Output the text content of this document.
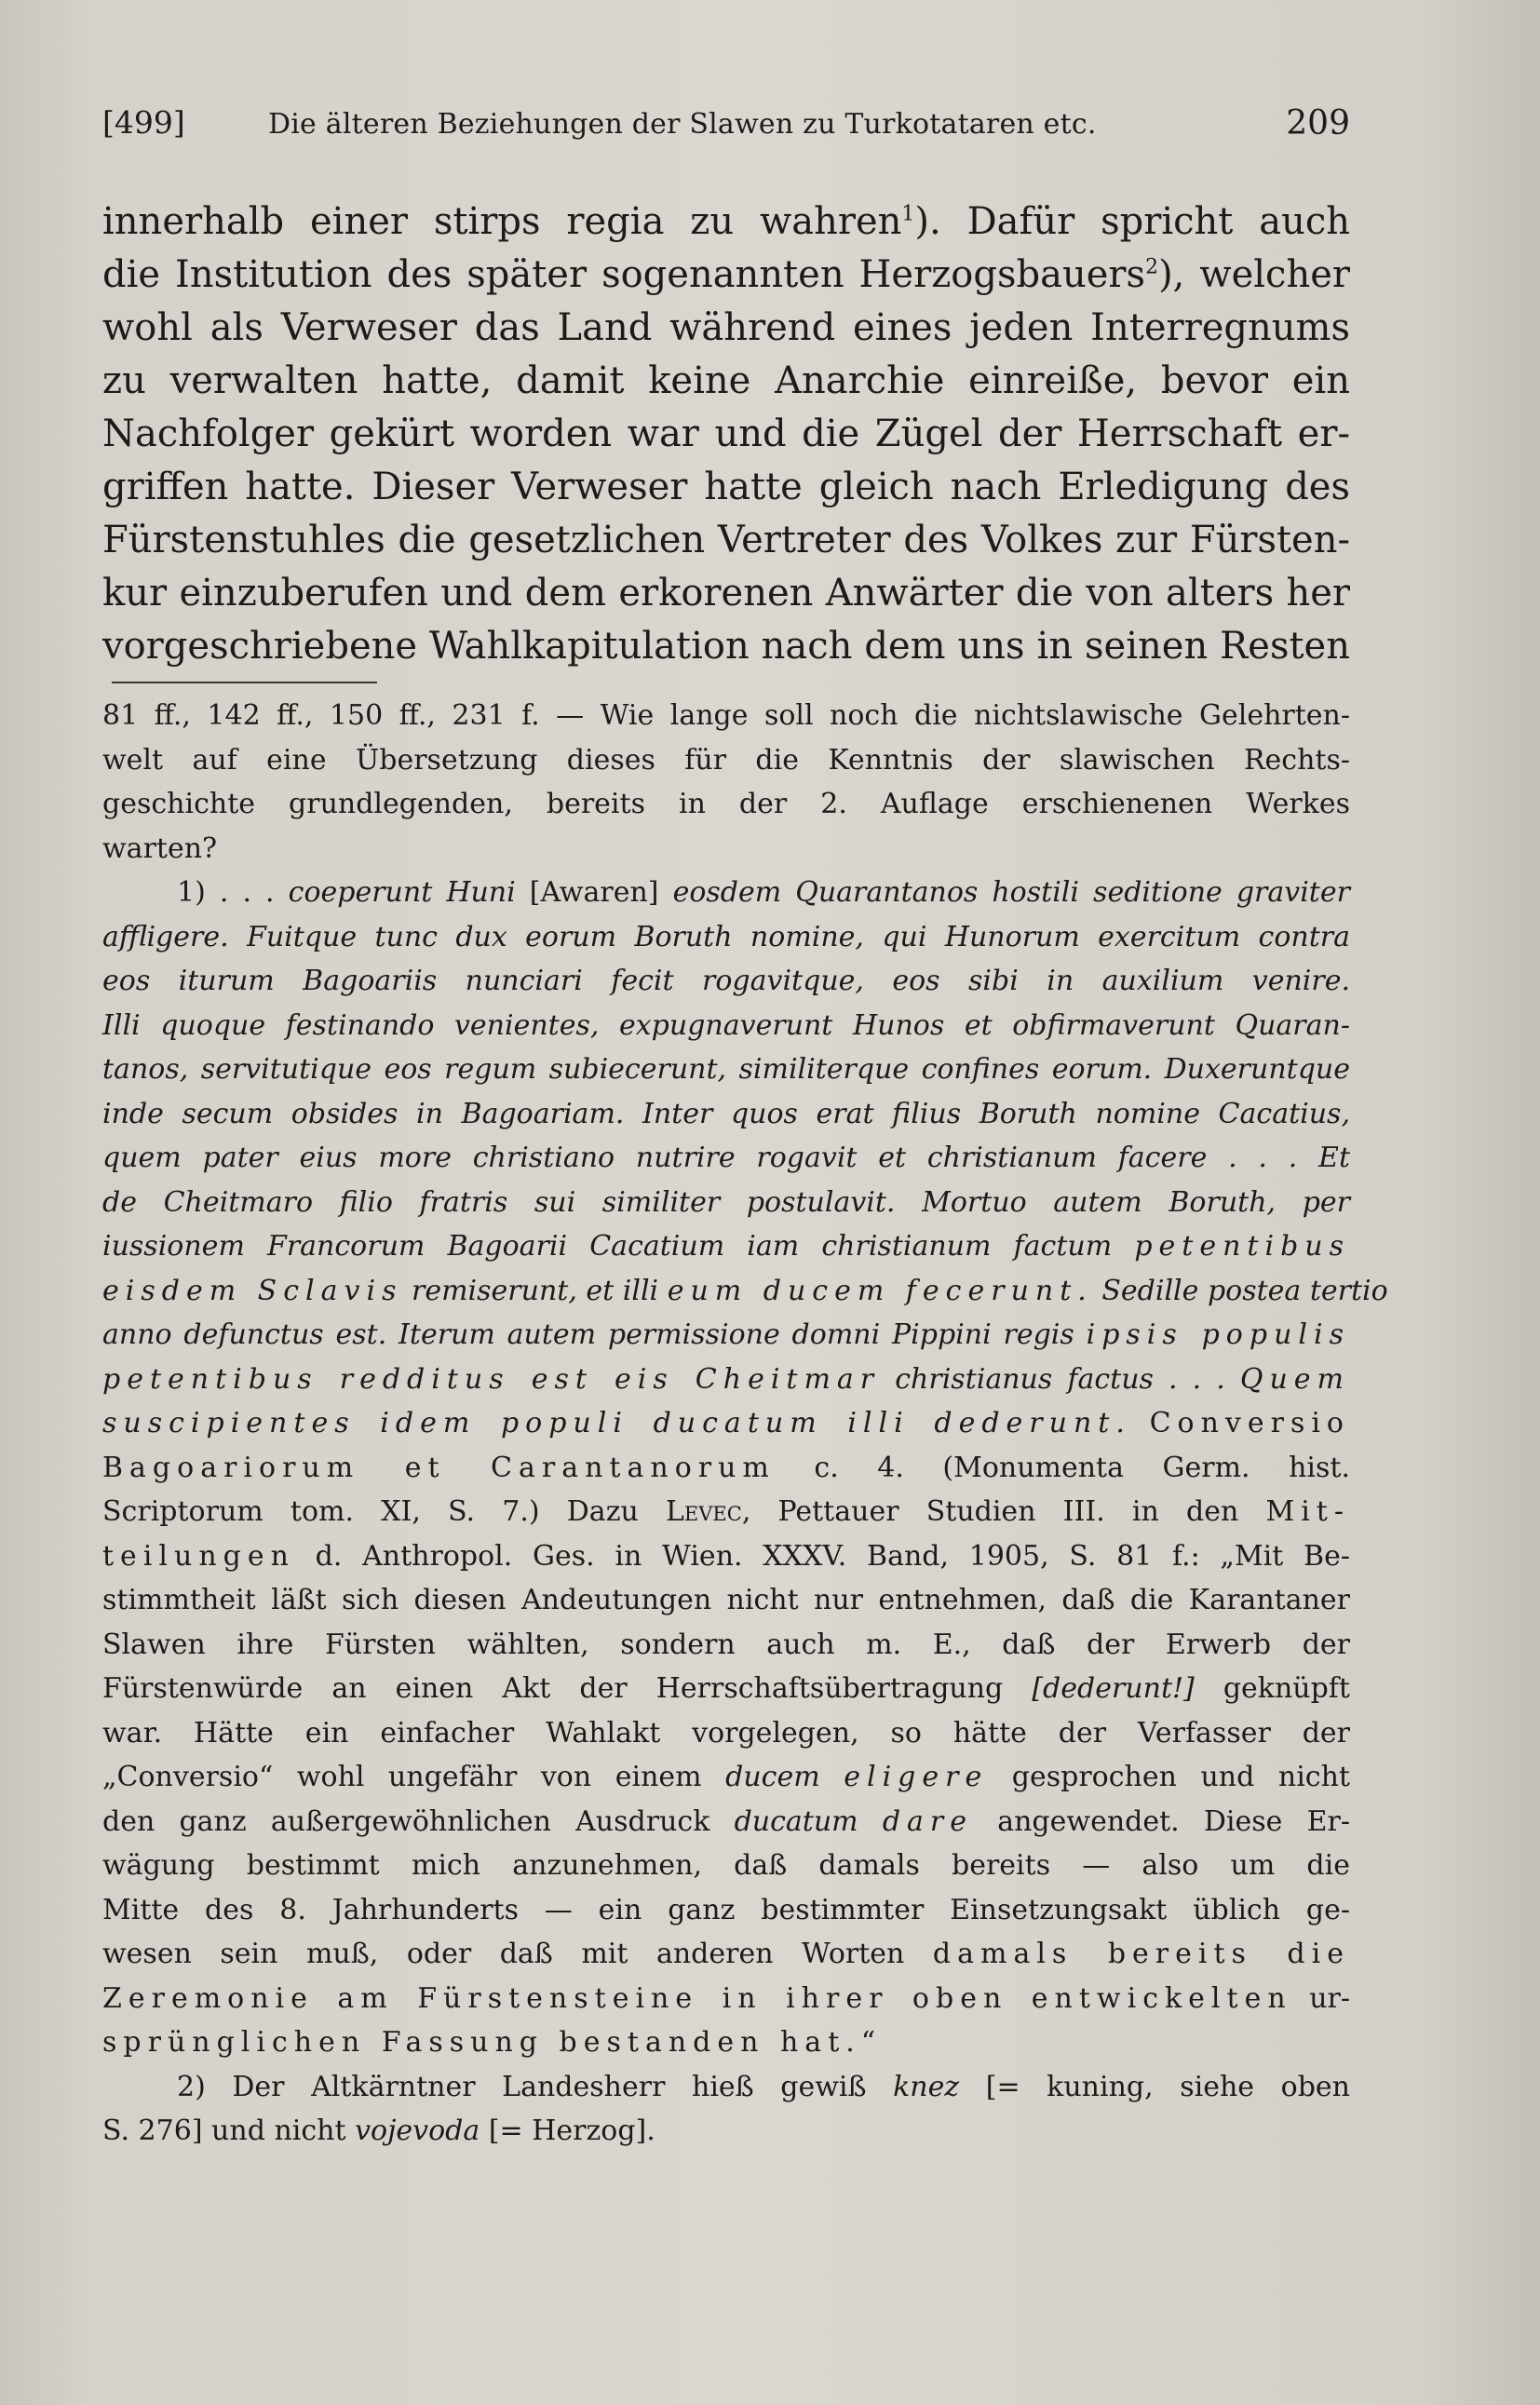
[499]	Die älteren Beziehungen der Slawen zu Turkotataren etc.	209
innerhalb einer stirps regia zu wahren$^1$). Dafür spricht auch
die Institution des später sogenannten Herzogsbauers$^2$), welcher
wohl als Verweser das Land während eines jeden Interregnums
zu verwalten hatte, damit keine Anarchie einreiße, bevor ein
Nachfolger gekürt worden war und die Zügel der Herrschaft er-
griffen hatte. Dieser Verweser hatte gleich nach Erledigung des
Fürstenstuhles die gesetzlichen Vertreter des Volkes zur Fürsten-
kur einzuberufen und dem erkorenen Anwärter die von alters her
vorgeschriebene Wahlkapitulation nach dem uns in seinen Resten
81 ff., 142 ff., 150 ff., 231 f. — Wie lange soll noch die nichtslawische Gelehrten-
welt auf eine Übersetzung dieses für die Kenntnis der slawischen Rechts-
geschichte grundlegenden, bereits in der 2. Auflage erschienenen Werkes
warten?
1) . . . coeperunt Huni [Awaren] eosdem Quarantanos hostili seditione graviter
affligere. Fuitque tunc dux eorum Boruth nomine, qui Hunorum exercitum contra
eos iturum Bagoariis nunciari fecit rogavitque, eos sibi in auxilium venire.
Illi quoque festinando venientes, expugnaverunt Hunos et obfirmaverunt Quaran-
tanos, servitutique eos regum subiecerunt, similiterque confines eorum. Duxeruntque
inde secum obsides in Bagoariam. Inter quos erat filius Boruth nomine Cacatius,
quem pater eius more christiano nutrire rogavit et christianum facere . . . Et
de Cheitmaro filio fratris sui similiter postulavit. Mortuo autem Boruth, per
iussionem Francorum Bagoarii Cacatium iam christianum factum petentibus
eisdem Sclavis remiserunt, et illi eum ducem fecerunt. Sedille postea tertio
anno defunctus est. Iterum autem permissione domni Pippini regis ipsis populis
petentibus redditus est eis Cheitmar christianus factus . . . Quem
suscipientes idem populi ducatum illi dederunt. Conversio
Bagoariorum et Carantanorum c. 4. (Monumenta Germ. hist.
Scriptorum tom. XI, S. 7.) Dazu Levec, Pettauer Studien III. in den Mit-
teilungen d. Anthropol. Ges. in Wien. XXXV. Band, 1905, S. 81 f.: „Mit Be-
stimmtheit läßt sich diesen Andeutungen nicht nur entnehmen, daß die Karantaner
Slawen ihre Fürsten wählten, sondern auch m. E., daß der Erwerb der
Fürstenwürde an einen Akt der Herrschaftsübertragung [dederunt!] geknüpft
war. Hätte ein einfacher Wahlakt vorgelegen, so hätte der Verfasser der
„Conversio“ wohl ungefähr von einem ducem eligere gesprochen und nicht
den ganz außergewöhnlichen Ausdruck ducatum dare angewendet. Diese Er-
wägung bestimmt mich anzunehmen, daß damals bereits — also um die
Mitte des 8. Jahrhunderts — ein ganz bestimmter Einsetzungsakt üblich ge-
wesen sein muß, oder daß mit anderen Worten damals bereits die
Zeremonie am Fürstensteine in ihrer oben entwickelten ur-
sprünglichen Fassung bestanden hat.“
2) Der Altkärntner Landesherr hieß gewiß knez [= kuning, siehe oben
S. 276] und nicht vojevoda [= Herzog].
